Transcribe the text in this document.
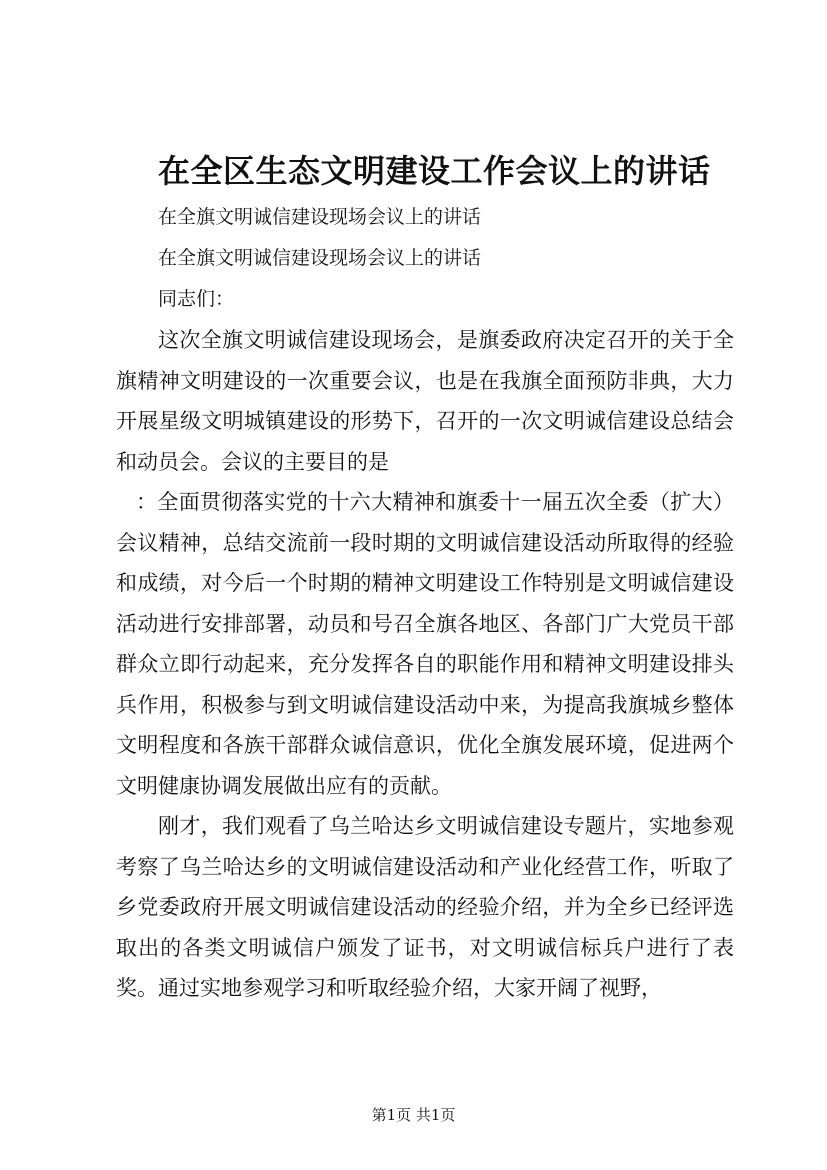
在全区生态文明建设工作会议上的讲话

在全旗文明诚信建设现场会议上的讲话

在全旗文明诚信建设现场会议上的讲话

同志们：

这次全旗文明诚信建设现场会，是旗委政府决定召开的关于全旗精神文明建设的一次重要会议，也是在我旗全面预防非典，大力开展星级文明城镇建设的形势下，召开的一次文明诚信建设总结会和动员会。会议的主要目的是

：全面贯彻落实党的十六大精神和旗委十一届五次全委（扩大）会议精神，总结交流前一段时期的文明诚信建设活动所取得的经验和成绩，对今后一个时期的精神文明建设工作特别是文明诚信建设活动进行安排部署，动员和号召全旗各地区、各部门广大党员干部群众立即行动起来，充分发挥各自的职能作用和精神文明建设排头兵作用，积极参与到文明诚信建设活动中来，为提高我旗城乡整体文明程度和各族干部群众诚信意识，优化全旗发展环境，促进两个文明健康协调发展做出应有的贡献。

刚才，我们观看了乌兰哈达乡文明诚信建设专题片，实地参观考察了乌兰哈达乡的文明诚信建设活动和产业化经营工作，听取了乡党委政府开展文明诚信建设活动的经验介绍，并为全乡已经评选取出的各类文明诚信户颁发了证书，对文明诚信标兵户进行了表奖。通过实地参观学习和听取经验介绍，大家开阔了视野，

第1页 共1页
